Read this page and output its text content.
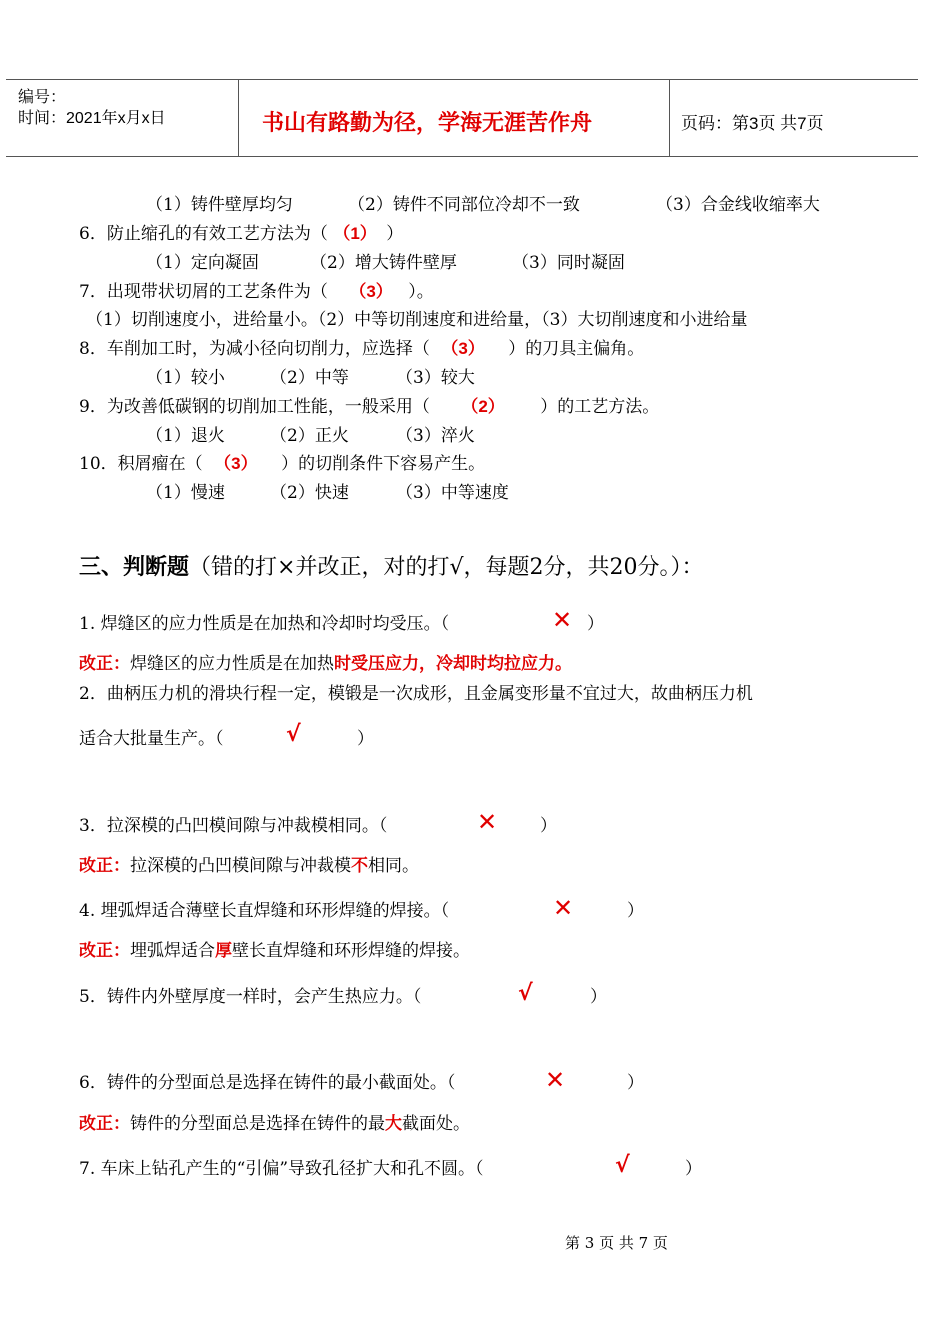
编号：
时间：2021年x月x日	书山有路勤为径，学海无涯苦作舟	页码：第3页 共7页
（1）铸件壁厚均匀	（2）铸件不同部位冷却不一致	（3）合金线收缩率大
6．防止缩孔的有效工艺方法为（ （1） ）
（1）定向凝固	（2）增大铸件壁厚	（3）同时凝固
7．出现带状切屑的工艺条件为（ （3） ）。
（1）切削速度小，进给量小。（2）中等切削速度和进给量，（3）大切削速度和小进给量
8．车削加工时，为减小径向切削力，应选择（ （3） ）的刀具主偏角。
（1）较小	（2）中等	（3）较大
9．为改善低碳钢的切削加工性能，一般采用（ （2）	）的工艺方法。
（1）退火	（2）正火	（3）淬火
10．积屑瘤在（ （3） ）的切削条件下容易产生。
（1）慢速	（2）快速	（3）中等速度
三、判断题（错的打×并改正，对的打√，每题2分，共20分。）：
1. 焊缝区的应力性质是在加热和冷却时均受压。（	✕ ）
改正：焊缝区的应力性质是在加热时受压应力，冷却时均拉应力。
2．曲柄压力机的滑块行程一定，模锻是一次成形，且金属变形量不宜过大，故曲柄压力机
适合大批量生产。（	√	）
3．拉深模的凸凹模间隙与冲裁模相同。（	✕	）
改正：拉深模的凸凹模间隙与冲裁模不相同。
4. 埋弧焊适合薄壁长直焊缝和环形焊缝的焊接。（	✕	）
改正：埋弧焊适合厚壁长直焊缝和环形焊缝的焊接。
5．铸件内外壁厚度一样时，会产生热应力。（	√	）
6．铸件的分型面总是选择在铸件的最小截面处。（	✕	）
改正：铸件的分型面总是选择在铸件的最大截面处。
7. 车床上钻孔产生的“引偏”导致孔径扩大和孔不圆。（	√	）
第 3 页 共 7 页
